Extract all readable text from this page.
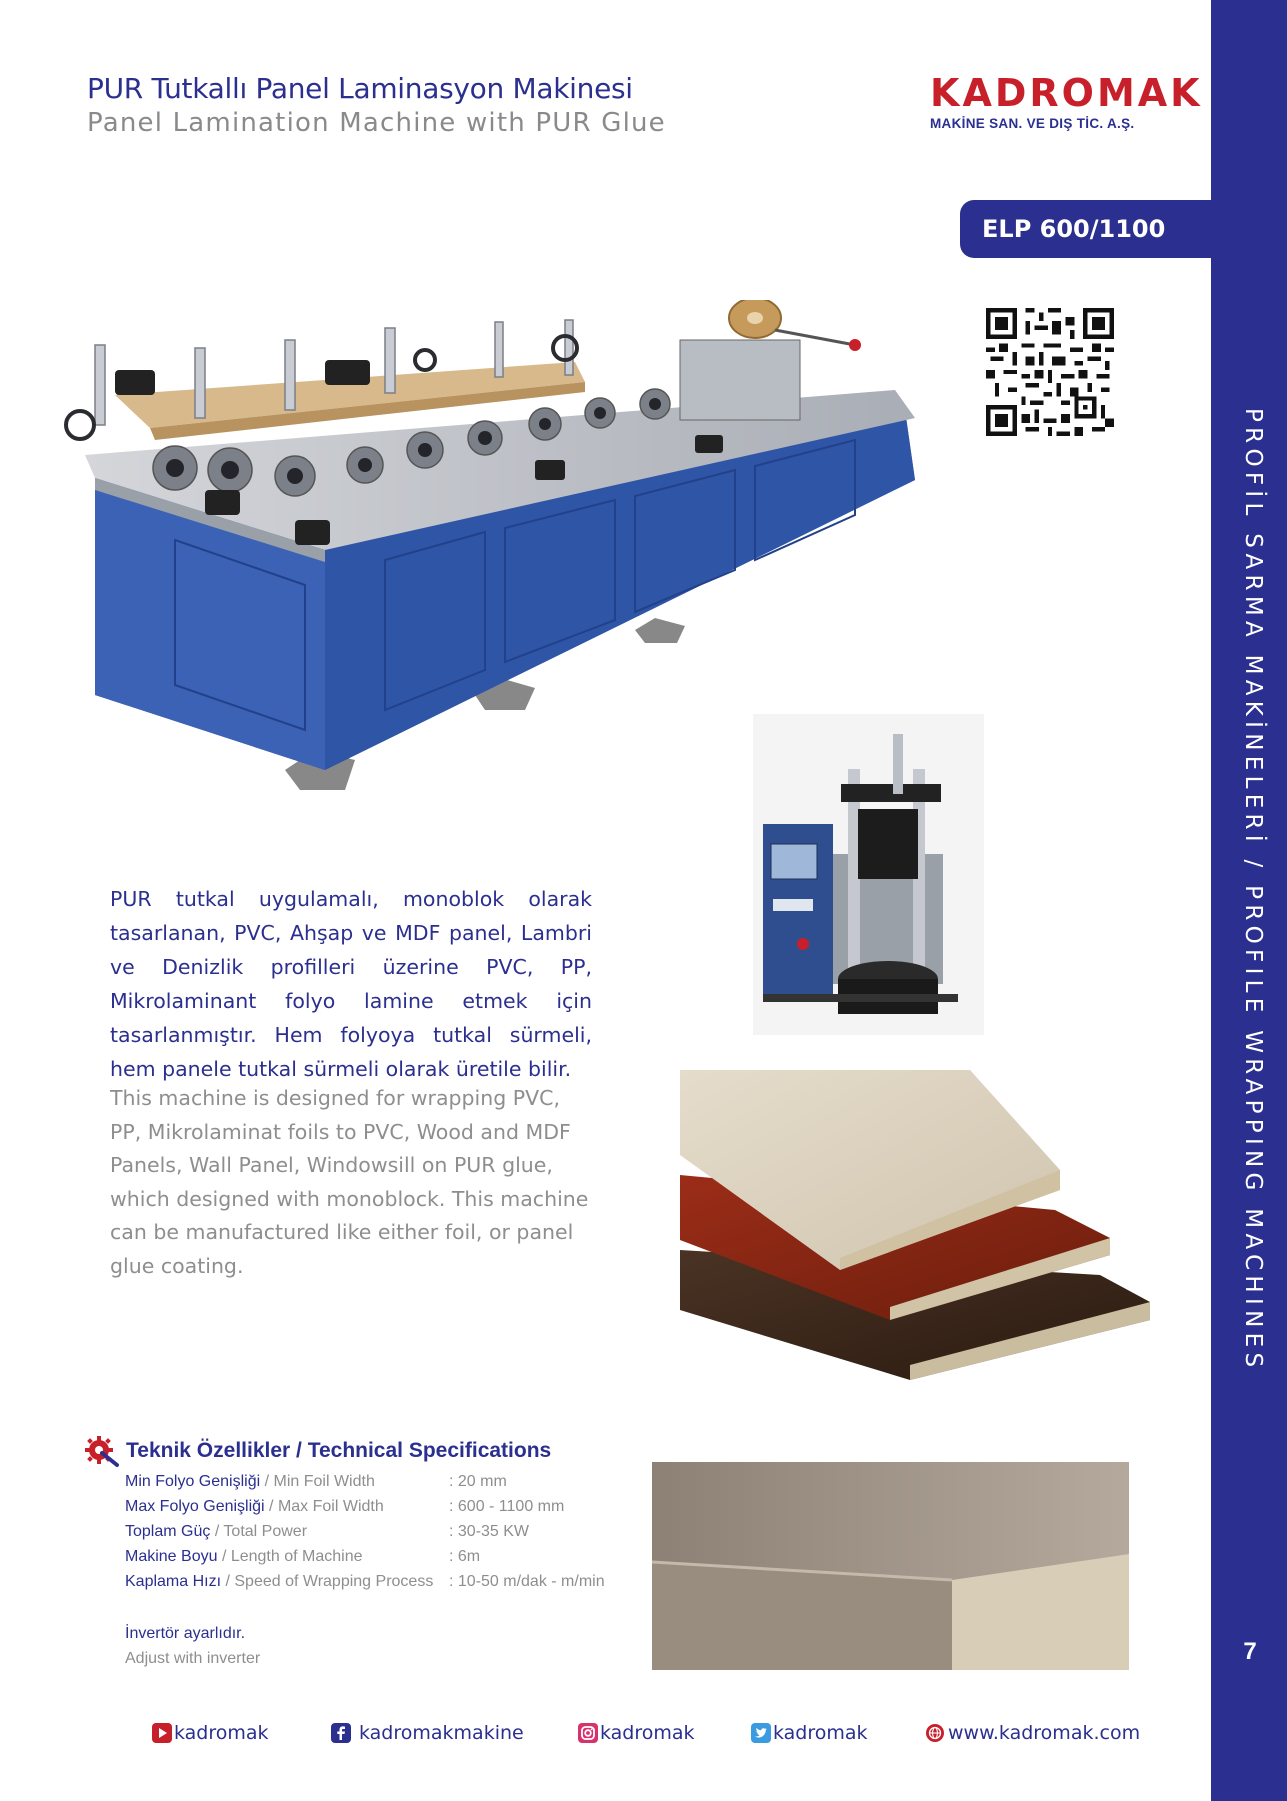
PUR Tutkallı Panel Laminasyon Makinesi
Panel Lamination Machine with PUR Glue
KADROMAK
MAKİNE SAN. VE DIŞ TİC. A.Ş.
PROFİL SARMA MAKİNELERİ / PROFILE WRAPPING MACHINES
7
ELP 600/1100
PUR tutkal uygulamalı, monoblok olarak tasarlanan, PVC, Ahşap ve MDF panel, Lambri ve Denizlik profilleri üzerine PVC, PP, Mikrolaminant folyo lamine etmek için tasarlanmıştır. Hem folyoya tutkal sürmeli, hem panele tutkal sürmeli olarak üretile bilir.
This machine is designed for wrapping PVC, PP, Mikrolaminat foils to PVC, Wood and MDF Panels, Wall Panel, Windowsill on PUR glue, which designed with monoblock. This machine can be manufactured like either foil, or panel glue coating.
Teknik Özellikler / Technical Specifications
Min Folyo Genişliği / Min Foil Width	: 20 mm
Max Folyo Genişliği / Max Foil Width	: 600 - 1100 mm
Toplam Güç / Total Power	: 30-35 KW
Makine Boyu / Length of Machine	: 6m
Kaplama Hızı / Speed of Wrapping Process : 10-50 m/dak - m/min
İnvertör ayarlıdır.
Adjust with inverter
kadromak	kadromakmakine	kadromak	kadromak	www.kadromak.com
